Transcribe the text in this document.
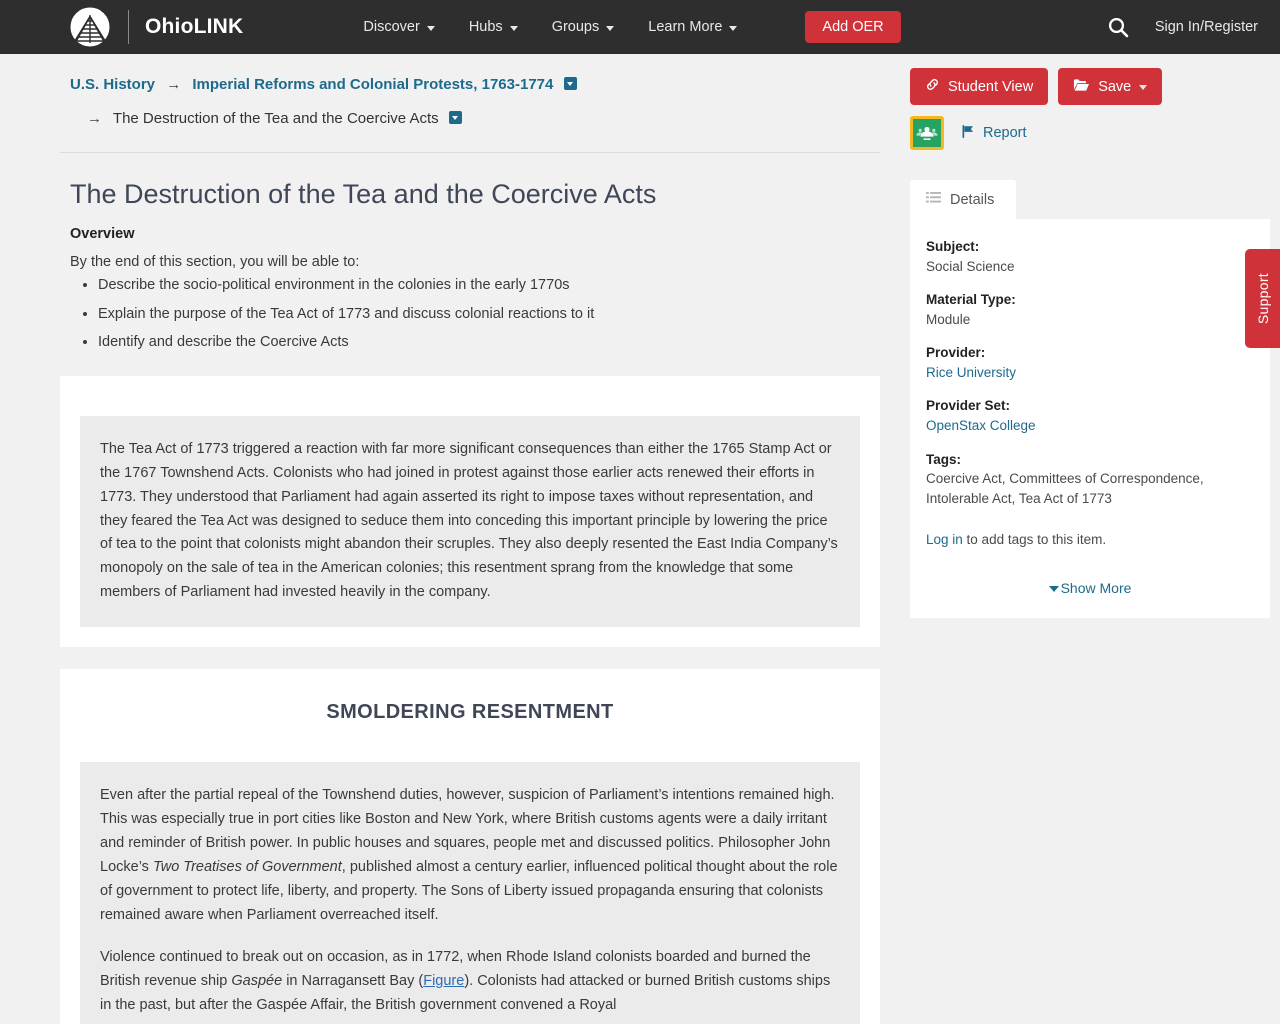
OhioLINK	Discover	Hubs	Groups	Learn More	Add OER	Sign In/Register
U.S. History → Imperial Reforms and Colonial Protests, 1763-1774
→ The Destruction of the Tea and the Coercive Acts
The Destruction of the Tea and the Coercive Acts
Overview

By the end of this section, you will be able to:

• Describe the socio-political environment in the colonies in the early 1770s
• Explain the purpose of the Tea Act of 1773 and discuss colonial reactions to it
• Identify and describe the Coercive Acts

The Tea Act of 1773 triggered a reaction with far more significant consequences than either the 1765 Stamp Act or the 1767 Townshend Acts. Colonists who had joined in protest against those earlier acts renewed their efforts in 1773. They understood that Parliament had again asserted its right to impose taxes without representation, and they feared the Tea Act was designed to seduce them into conceding this important principle by lowering the price of tea to the point that colonists might abandon their scruples. They also deeply resented the East India Company’s monopoly on the sale of tea in the American colonies; this resentment sprang from the knowledge that some members of Parliament had invested heavily in the company.

SMOLDERING RESENTMENT

Even after the partial repeal of the Townshend duties, however, suspicion of Parliament’s intentions remained high. This was especially true in port cities like Boston and New York, where British customs agents were a daily irritant and reminder of British power. In public houses and squares, people met and discussed politics. Philosopher John Locke’s Two Treatises of Government, published almost a century earlier, influenced political thought about the role of government to protect life, liberty, and property. The Sons of Liberty issued propaganda ensuring that colonists remained aware when Parliament overreached itself.

Violence continued to break out on occasion, as in 1772, when Rhode Island colonists boarded and burned the British revenue ship Gaspée in Narragansett Bay (Figure). Colonists had attacked or burned British customs ships in the past, but after the Gaspée Affair, the British government convened a Royal

Student View	Save
Report
Details
Subject:
Social Science
Material Type:
Module
Provider:
Rice University
Provider Set:
OpenStax College
Tags:
Coercive Act, Committees of Correspondence, Intolerable Act, Tea Act of 1773
Log in to add tags to this item.
Show More
Support
